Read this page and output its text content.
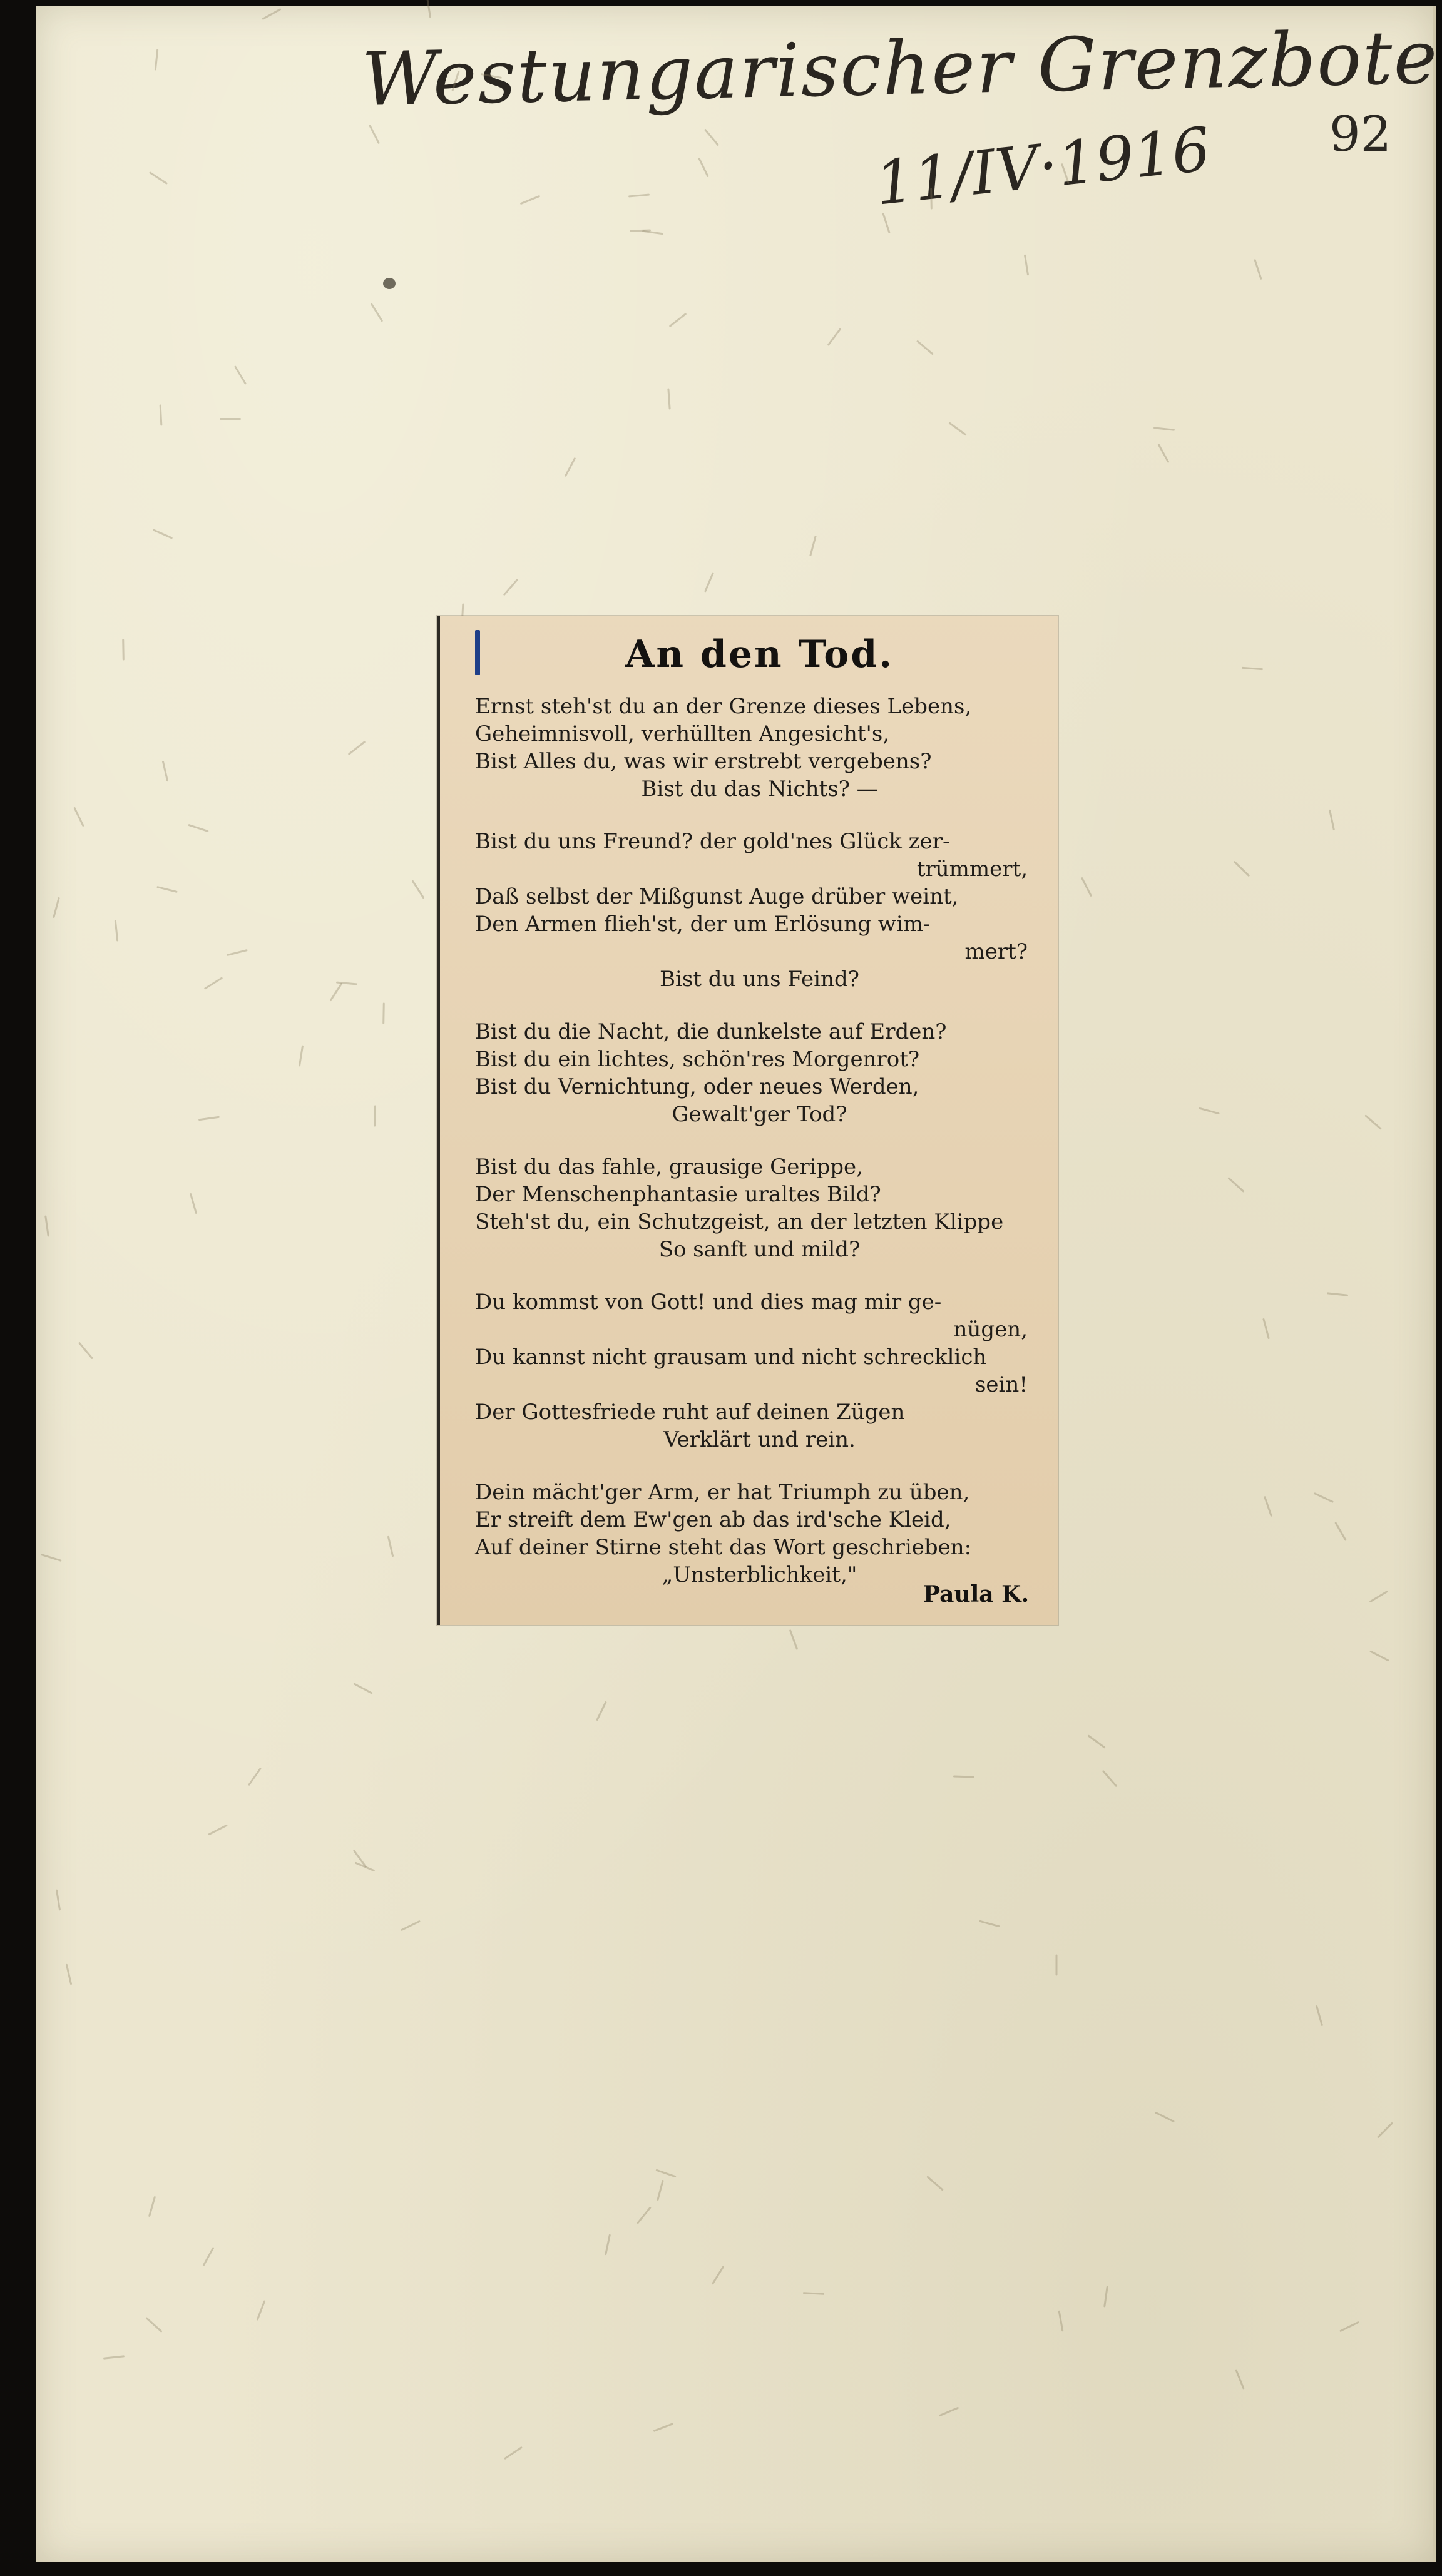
Westungarischer Grenzbote
11/IV·1916 92
An den Tod.
Ernst steh'st du an der Grenze dieses Lebens,
Geheimnisvoll, verhüllten Angesicht's,
Bist Alles du, was wir erstrebt vergebens?
Bist du das Nichts? —
Bist du uns Freund? der gold'nes Glück zer-
trümmert,
Daß selbst der Mißgunst Auge drüber weint,
Den Armen flieh'st, der um Erlösung wim-
mert?
Bist du uns Feind?
Bist du die Nacht, die dunkelste auf Erden?
Bist du ein lichtes, schön'res Morgenrot?
Bist du Vernichtung, oder neues Werden,
Gewalt'ger Tod?
Bist du das fahle, grausige Gerippe,
Der Menschenphantasie uraltes Bild?
Steh'st du, ein Schutzgeist, an der letzten Klippe
So sanft und mild?
Du kommst von Gott! und dies mag mir ge-
nügen,
Du kannst nicht grausam und nicht schrecklich
sein!
Der Gottesfriede ruht auf deinen Zügen
Verklärt und rein.
Dein mächt'ger Arm, er hat Triumph zu üben,
Er streift dem Ew'gen ab das ird'sche Kleid,
Auf deiner Stirne steht das Wort geschrieben:
„Unsterblichkeit,"
Paula K.
